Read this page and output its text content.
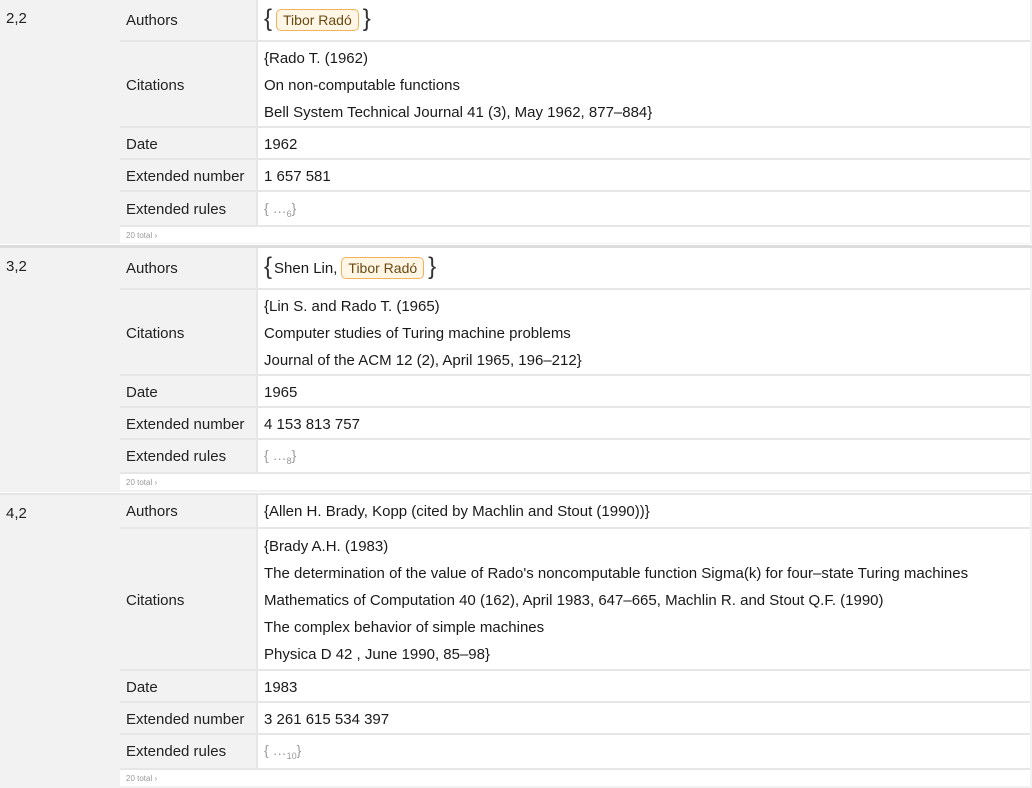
2,2	Authors	{ Tibor Radó }
Citations
{Rado T. (1962)
On non-computable functions
Bell System Technical Journal 41 (3), May 1962, 877–884}
Date	1962
Extended number	1 657 581
Extended rules	{ $\dots_6$}
20 total ›
3,2	Authors	{ Shen Lin, Tibor Radó }
Citations
{Lin S. and Rado T. (1965)
Computer studies of Turing machine problems
Journal of the ACM 12 (2), April 1965, 196–212}
Date	1965
Extended number	4 153 813 757
Extended rules	{ $\dots_8$}
20 total ›
4,2	Authors	{Allen H. Brady, Kopp (cited by Machlin and Stout (1990))}
Citations
{Brady A.H. (1983)
The determination of the value of Rado's noncomputable function Sigma(k) for four–state Turing machines
Mathematics of Computation 40 (162), April 1983, 647–665, Machlin R. and Stout Q.F. (1990)
The complex behavior of simple machines
Physica D 42 , June 1990, 85–98}
Date	1983
Extended number	3 261 615 534 397
Extended rules	{ $\dots_{10}$}
20 total ›
